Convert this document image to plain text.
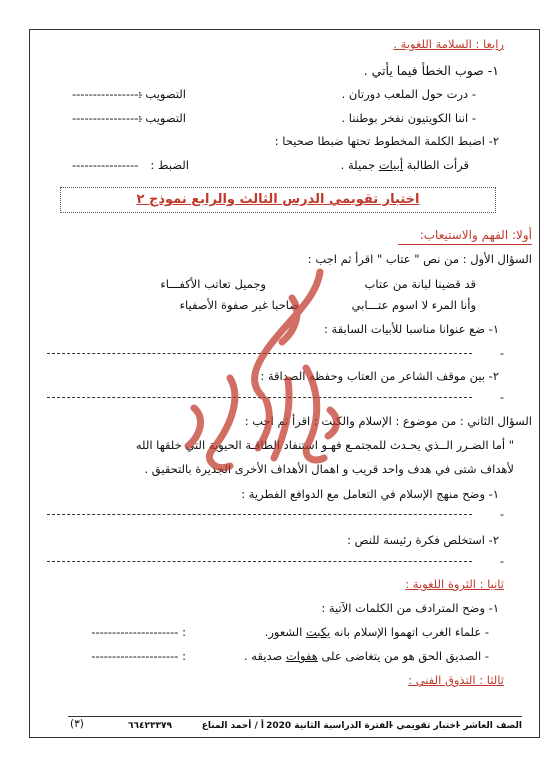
رابعا : السلامة اللغوية .
١- صوب الخطأ فيما يأتي .
- درت حول الملعب دورتان .
التصويب :
-----------------
- اننا الكويتيون نفخر بوطننا .
التصويب :
-----------------
٢- اضبط الكلمة المخطوط تحتها ضبطا صحيحا :
قرأت الطالبة أبيات جميلة .
الضبط :
----------------
اختبار تقويمي الدرس الثالث والرابع نموذج ٢
أولا: الفهم والاستيعاب:
السؤال الأول : من نص " عتاب " اقرأ ثم اجب :
قد قضينا لبانة من عتاب
وجميل تعاتب الأكفـــاء
وأنا المرء لا اسوم عتـــابي
صاحبا غير صفوة الأصفياء
١- ضع عنوانا مناسبا للأبيات السابقة :
-
٢- بين موقف الشاعر من العتاب وحفظه الصداقة :
-
السؤال الثاني : من موضوع : الإسلام والكبت : اقرأ ثم اجب :
" أما الضـرر الــذي يحـدث للمجتمـع فهـو استنفاد الطاقـة الحيوية التي خلقها الله
لأهداف شتى في هدف واحد قريب و اهمال الأهداف الأخرى الجديرة بالتحقيق .
١- وضح منهج الإسلام في التعامل مع الدوافع الفطرية :
-
٢- استخلص فكرة رئيسة للنص :
-
ثانيا : الثروة اللغوية :
١- وضح المترادف من الكلمات الآتية :
- علماء الغرب اتهموا الإسلام بانه يكبت الشعور.
: ---------------------
- الصديق الحق هو من يتغاضى على هفوات صديقه .
: ---------------------
ثالثا : التذوق الفني :
الصف العاشر -
اختبار تقويمي -
الفترة الدراسية الثانية 2020
أ / أحمد المناع
٦٦٤٢٣٣٧٩
(٣)
